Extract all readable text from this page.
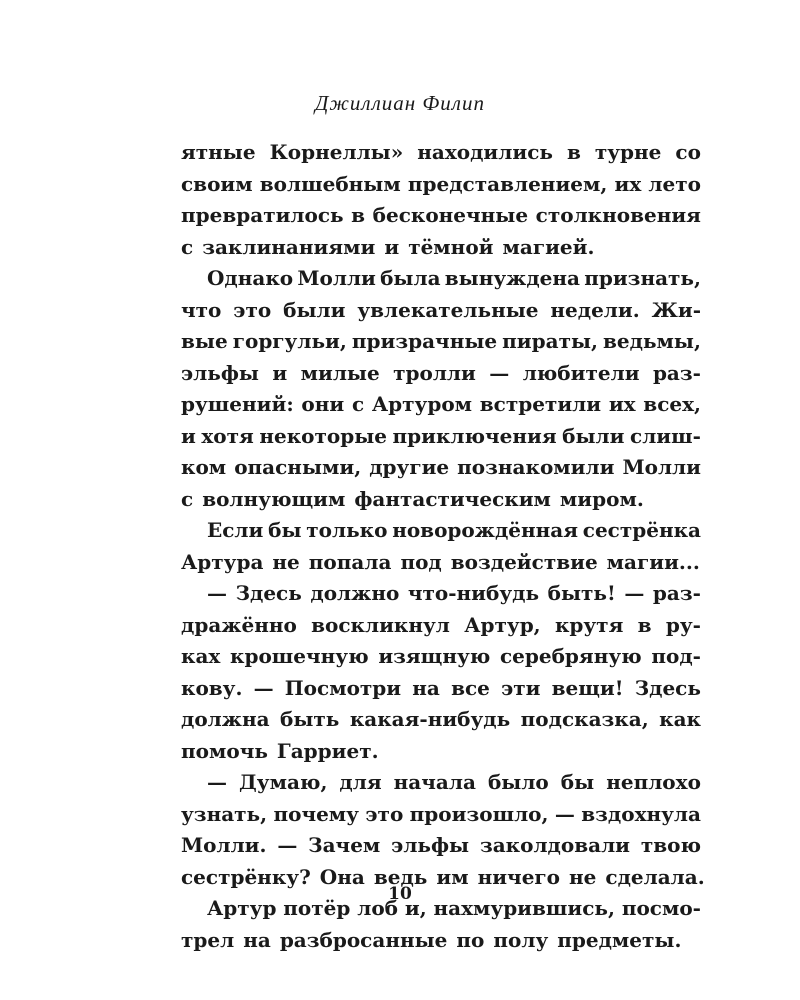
Джиллиан Филип
ятные Корнеллы» находились в турне со
своим волшебным представлением, их лето
превратилось в бесконечные столкновения
с заклинаниями и тёмной магией.
Однако Молли была вынуждена признать,
что это были увлекательные недели. Жи-
вые горгульи, призрачные пираты, ведьмы,
эльфы и милые тролли — любители раз-
рушений: они с Артуром встретили их всех,
и хотя некоторые приключения были слиш-
ком опасными, другие познакомили Молли
с волнующим фантастическим миром.
Если бы только новорождённая сестрёнка
Артура не попала под воздействие магии...
— Здесь должно что-нибудь быть! — раз-
дражённо воскликнул Артур, крутя в ру-
ках крошечную изящную серебряную под-
кову. — Посмотри на все эти вещи! Здесь
должна быть какая-нибудь подсказка, как
помочь Гарриет.
— Думаю, для начала было бы неплохо
узнать, почему это произошло, — вздохнула
Молли. — Зачем эльфы заколдовали твою
сестрёнку? Она ведь им ничего не сделала.
Артур потёр лоб и, нахмурившись, посмо-
трел на разбросанные по полу предметы.
10
